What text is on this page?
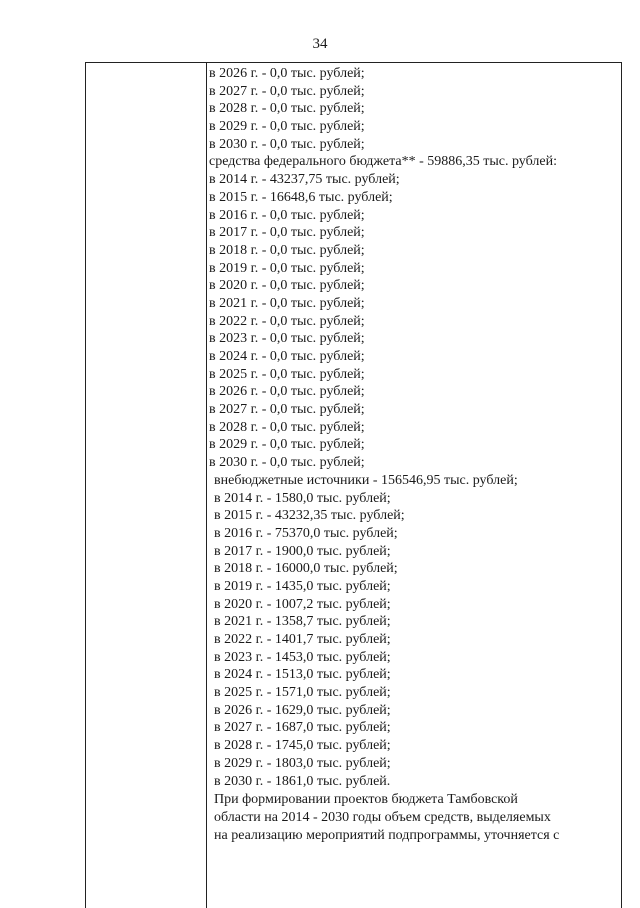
34
в 2026 г. - 0,0 тыс. рублей;
в 2027 г. - 0,0 тыс. рублей;
в 2028 г. - 0,0 тыс. рублей;
в 2029 г. - 0,0 тыс. рублей;
в 2030 г. - 0,0 тыс. рублей;
средства федерального бюджета** - 59886,35 тыс. рублей:
в 2014 г. - 43237,75 тыс. рублей;
в 2015 г. - 16648,6 тыс. рублей;
в 2016 г. - 0,0 тыс. рублей;
в 2017 г. - 0,0 тыс. рублей;
в 2018 г. - 0,0 тыс. рублей;
в 2019 г. - 0,0 тыс. рублей;
в 2020 г. - 0,0 тыс. рублей;
в 2021 г. - 0,0 тыс. рублей;
в 2022 г. - 0,0 тыс. рублей;
в 2023 г. - 0,0 тыс. рублей;
в 2024 г. - 0,0 тыс. рублей;
в 2025 г. - 0,0 тыс. рублей;
в 2026 г. - 0,0 тыс. рублей;
в 2027 г. - 0,0 тыс. рублей;
в 2028 г. - 0,0 тыс. рублей;
в 2029 г. - 0,0 тыс. рублей;
в 2030 г. - 0,0 тыс. рублей;
внебюджетные источники - 156546,95 тыс. рублей;
в 2014 г. - 1580,0 тыс. рублей;
в 2015 г. - 43232,35 тыс. рублей;
в 2016 г. - 75370,0 тыс. рублей;
в 2017 г. - 1900,0 тыс. рублей;
в 2018 г. - 16000,0 тыс. рублей;
в 2019 г. - 1435,0 тыс. рублей;
в 2020 г. - 1007,2 тыс. рублей;
в 2021 г. - 1358,7 тыс. рублей;
в 2022 г. - 1401,7 тыс. рублей;
в 2023 г. - 1453,0 тыс. рублей;
в 2024 г. - 1513,0 тыс. рублей;
в 2025 г. - 1571,0 тыс. рублей;
в 2026 г. - 1629,0 тыс. рублей;
в 2027 г. - 1687,0 тыс. рублей;
в 2028 г. - 1745,0 тыс. рублей;
в 2029 г. - 1803,0 тыс. рублей;
в 2030 г. - 1861,0 тыс. рублей.
При формировании проектов бюджета Тамбовской
области на 2014 - 2030 годы объем средств, выделяемых
на реализацию мероприятий подпрограммы, уточняется с
